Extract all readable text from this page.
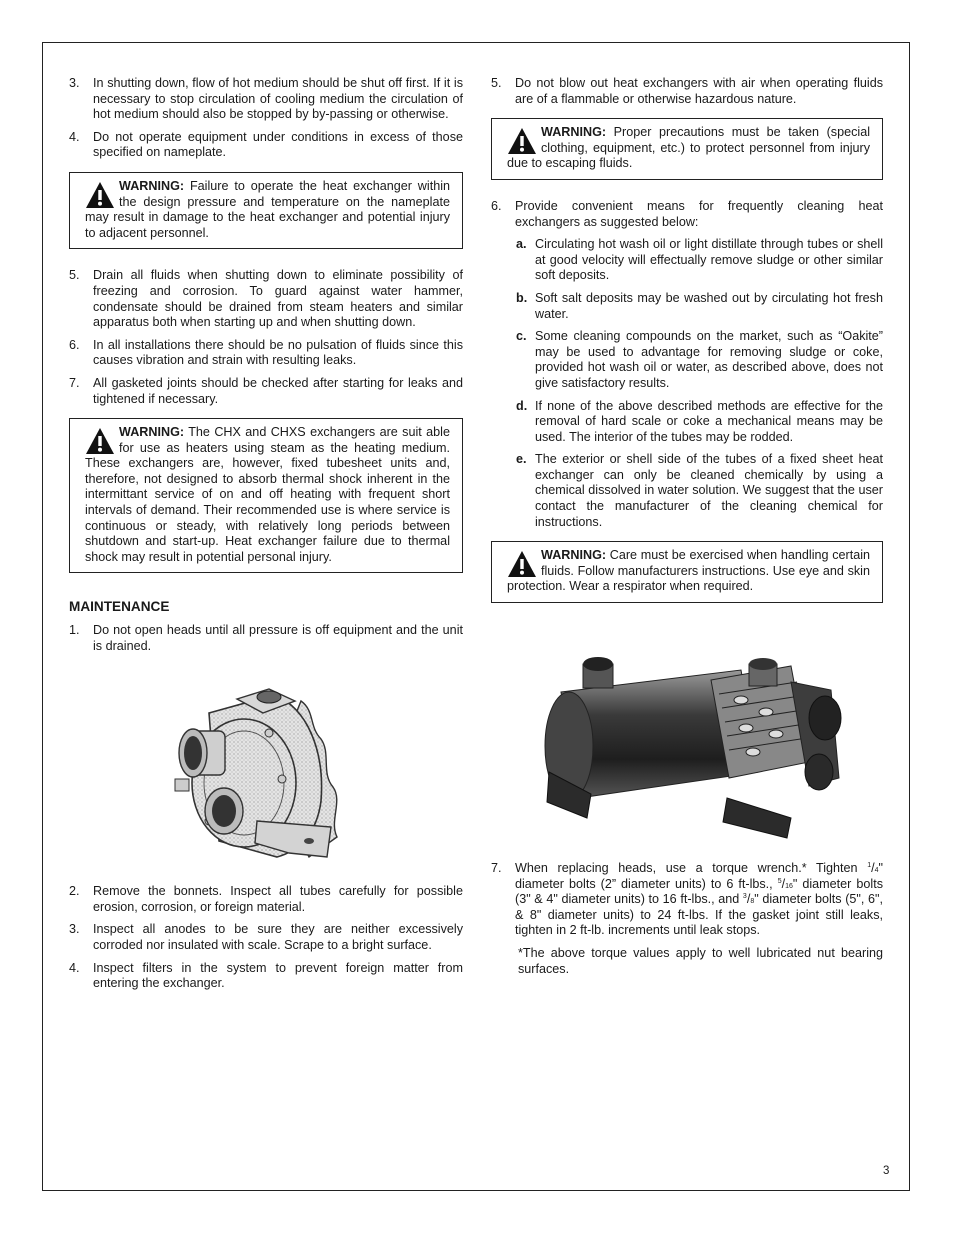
3. In shutting down, flow of hot medium should be shut off first. If it is necessary to stop circulation of cooling medium the circulation of hot medium should also be stopped by by-passing or otherwise.
4. Do not operate equipment under conditions in excess of those specified on nameplate.
WARNING: Failure to operate the heat exchanger within the design pressure and temperature on the nameplate may result in damage to the heat exchanger and potential injury to adjacent personnel.
5. Drain all fluids when shutting down to eliminate possibility of freezing and corrosion. To guard against water hammer, condensate should be drained from steam heaters and similar apparatus both when starting up and when shutting down.
6. In all installations there should be no pulsation of fluids since this causes vibration and strain with resulting leaks.
7. All gasketed joints should be checked after starting for leaks and tightened if necessary.
WARNING: The CHX and CHXS exchangers are suit able for use as heaters using steam as the heating medium. These exchangers are, however, fixed tubesheet units and, therefore, not designed to absorb thermal shock inherent in the intermittant service of on and off heating with frequent short intervals of demand. Their recommended use is where service is continuous or steady, with relatively long periods between shutdown and start-up. Heat exchanger failure due to thermal shock may result in potential personal injury.
MAINTENANCE
1. Do not open heads until all pressure is off equipment and the unit is drained.
2. Remove the bonnets. Inspect all tubes carefully for possible erosion, corrosion, or foreign material.
3. Inspect all anodes to be sure they are neither excessively corroded nor insulated with scale. Scrape to a bright surface.
4. Inspect filters in the system to prevent foreign matter from entering the exchanger.
5. Do not blow out heat exchangers with air when operating fluids are of a flammable or otherwise hazardous nature.
WARNING: Proper precautions must be taken (special clothing, equipment, etc.) to protect personnel from injury due to escaping fluids.
6. Provide convenient means for frequently cleaning heat exchangers as suggested below:
a. Circulating hot wash oil or light distillate through tubes or shell at good velocity will effectually remove sludge or other similar soft deposits.
b. Soft salt deposits may be washed out by circulating hot fresh water.
c. Some cleaning compounds on the market, such as “Oakite” may be used to advantage for removing sludge or coke, provided hot wash oil or water, as described above, does not give satisfactory results.
d. If none of the above described methods are effective for the removal of hard scale or coke a mechanical means may be used. The interior of the tubes may be rodded.
e. The exterior or shell side of the tubes of a fixed sheet heat exchanger can only be cleaned chemically by using a chemical dissolved in water solution. We suggest that the user contact the manufacturer of the cleaning chemical for instructions.
WARNING: Care must be exercised when handling certain fluids. Follow manufacturers instructions. Use eye and skin protection. Wear a respirator when required.
7. When replacing heads, use a torque wrench.* Tighten $^1$/4" diameter bolts (2” diameter units) to 6 ft-lbs., $^5$/16" diameter bolts (3" & 4" diameter units) to 16 ft-lbs., and $^3$/8" diameter bolts (5", 6", & 8" diameter units) to 24 ft-lbs. If the gasket joint still leaks, tighten in 2 ft-lb. increments until leak stops.
*The above torque values apply to well lubricated nut bearing surfaces.
3
